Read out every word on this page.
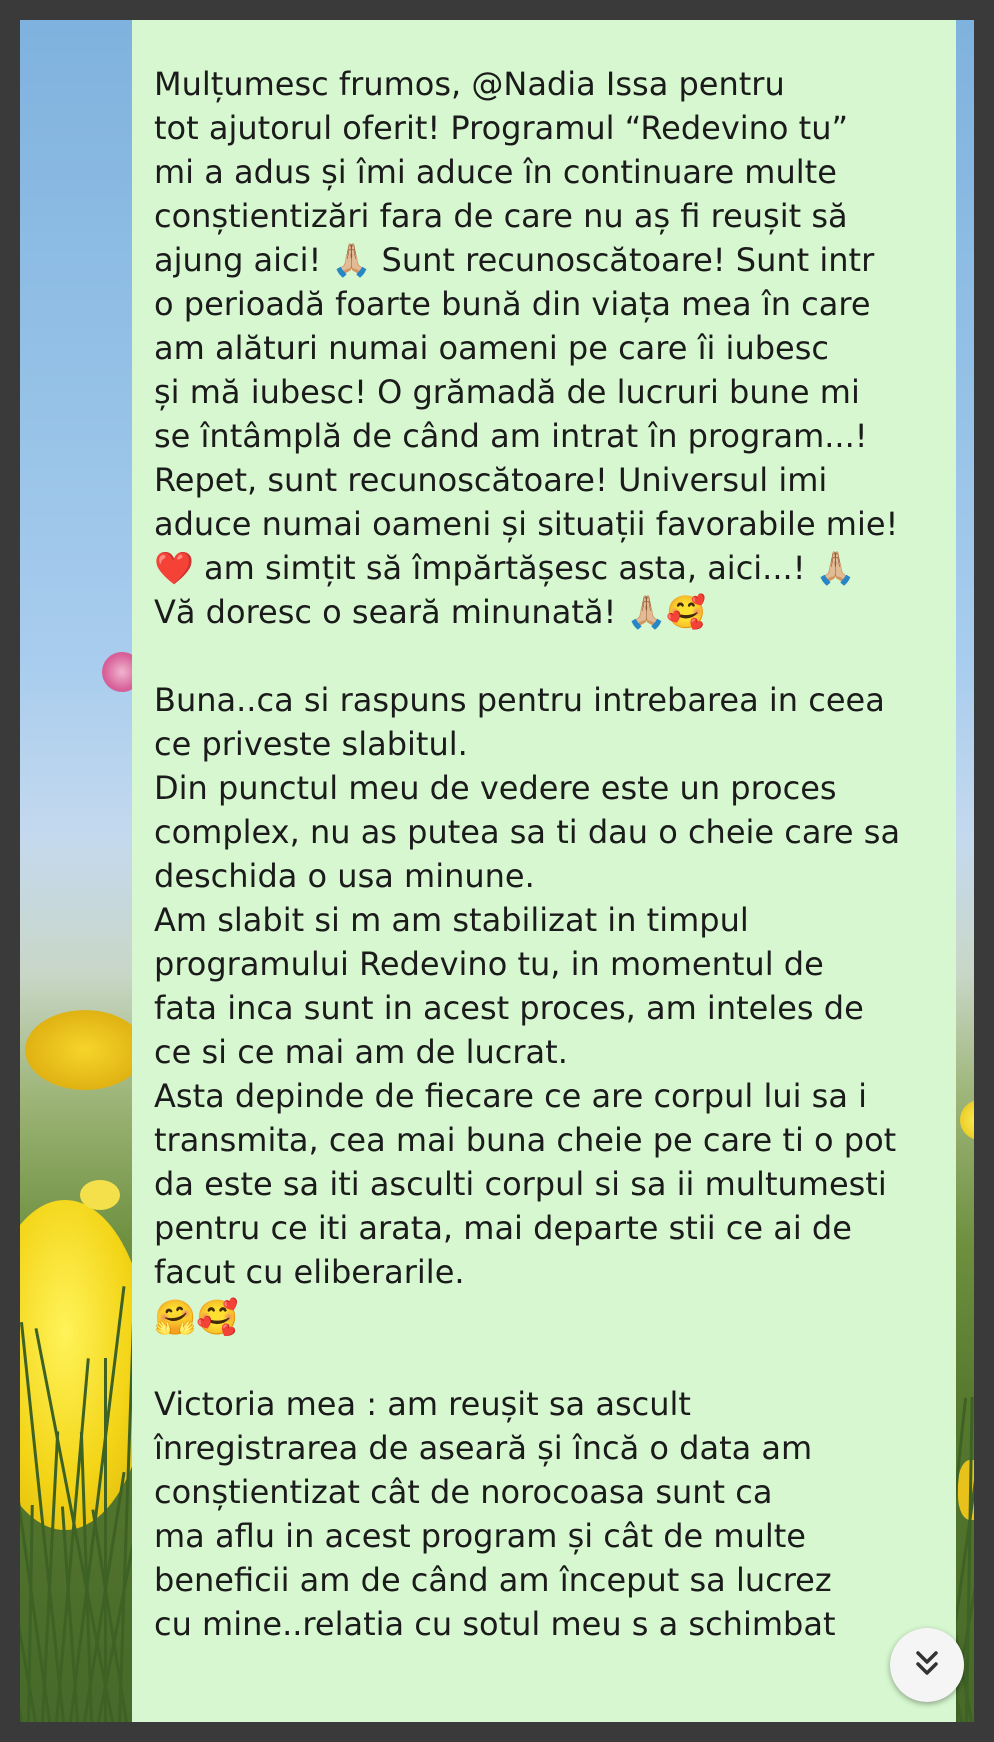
Mulțumesc frumos, @Nadia Issa pentru
tot ajutorul oferit! Programul “Redevino tu”
mi a adus și îmi aduce în continuare multe
conștientizări fara de care nu aș fi reușit să
ajung aici! 🙏🏼 Sunt recunoscătoare! Sunt intr
o perioadă foarte bună din viața mea în care
am alături numai oameni pe care îi iubesc
și mă iubesc! O grămadă de lucruri bune mi
se întâmplă de când am intrat în program...!
Repet, sunt recunoscătoare! Universul imi
aduce numai oameni și situații favorabile mie!
❤️ am simțit să împărtășesc asta, aici...! 🙏🏼
Vă doresc o seară minunată! 🙏🏼🥰
Buna..ca si raspuns pentru intrebarea in ceea
ce priveste slabitul.
Din punctul meu de vedere este un proces
complex, nu as putea sa ti dau o cheie care sa
deschida o usa minune.
Am slabit si m am stabilizat in timpul
programului Redevino tu, in momentul de
fata inca sunt in acest proces, am inteles de
ce si ce mai am de lucrat.
Asta depinde de fiecare ce are corpul lui sa i
transmita, cea mai buna cheie pe care ti o pot
da este sa iti asculti corpul si sa ii multumesti
pentru ce iti arata, mai departe stii ce ai de
facut cu eliberarile.
🤗🥰
Victoria mea : am reușit sa ascult
înregistrarea de aseară și încă o data am
conștientizat cât de norocoasa sunt ca
ma aflu in acest program și cât de multe
beneficii am de când am început sa lucrez
cu mine..relatia cu sotul meu s a schimbat
